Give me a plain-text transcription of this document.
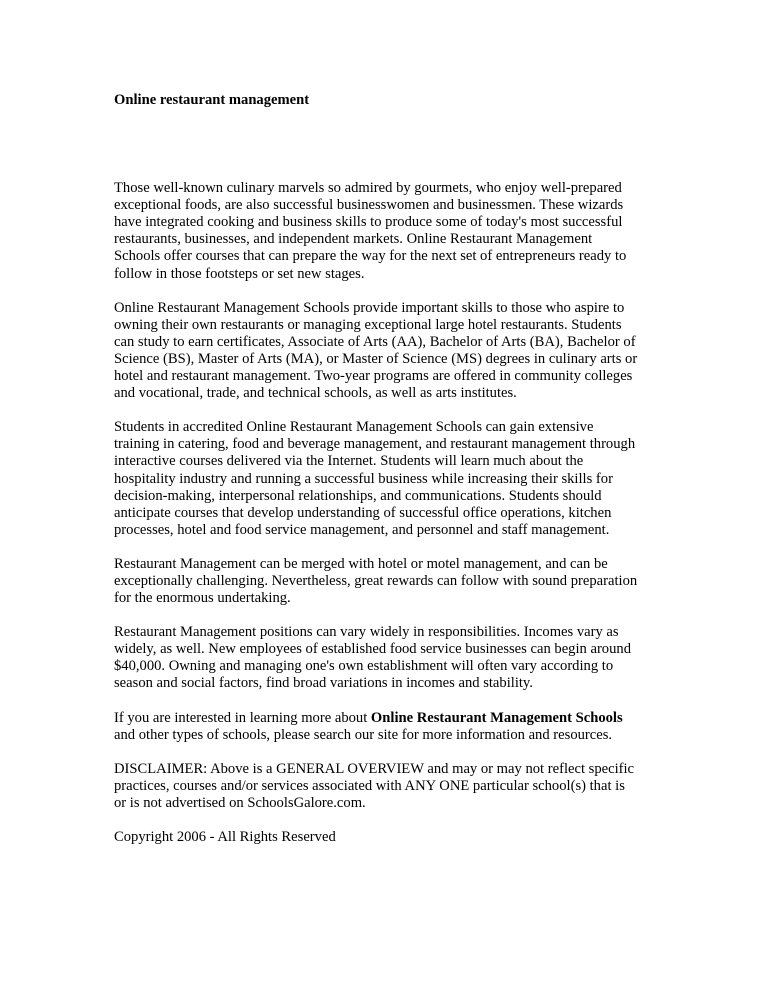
Online restaurant management

Those well-known culinary marvels so admired by gourmets, who enjoy well-prepared
exceptional foods, are also successful businesswomen and businessmen. These wizards
have integrated cooking and business skills to produce some of today's most successful
restaurants, businesses, and independent markets. Online Restaurant Management
Schools offer courses that can prepare the way for the next set of entrepreneurs ready to
follow in those footsteps or set new stages.

Online Restaurant Management Schools provide important skills to those who aspire to
owning their own restaurants or managing exceptional large hotel restaurants. Students
can study to earn certificates, Associate of Arts (AA), Bachelor of Arts (BA), Bachelor of
Science (BS), Master of Arts (MA), or Master of Science (MS) degrees in culinary arts or
hotel and restaurant management. Two-year programs are offered in community colleges
and vocational, trade, and technical schools, as well as arts institutes.

Students in accredited Online Restaurant Management Schools can gain extensive
training in catering, food and beverage management, and restaurant management through
interactive courses delivered via the Internet. Students will learn much about the
hospitality industry and running a successful business while increasing their skills for
decision-making, interpersonal relationships, and communications. Students should
anticipate courses that develop understanding of successful office operations, kitchen
processes, hotel and food service management, and personnel and staff management.

Restaurant Management can be merged with hotel or motel management, and can be
exceptionally challenging. Nevertheless, great rewards can follow with sound preparation
for the enormous undertaking.

Restaurant Management positions can vary widely in responsibilities. Incomes vary as
widely, as well. New employees of established food service businesses can begin around
$40,000. Owning and managing one's own establishment will often vary according to
season and social factors, find broad variations in incomes and stability.

If you are interested in learning more about Online Restaurant Management Schools
and other types of schools, please search our site for more information and resources.

DISCLAIMER: Above is a GENERAL OVERVIEW and may or may not reflect specific
practices, courses and/or services associated with ANY ONE particular school(s) that is
or is not advertised on SchoolsGalore.com.

Copyright 2006 - All Rights Reserved
